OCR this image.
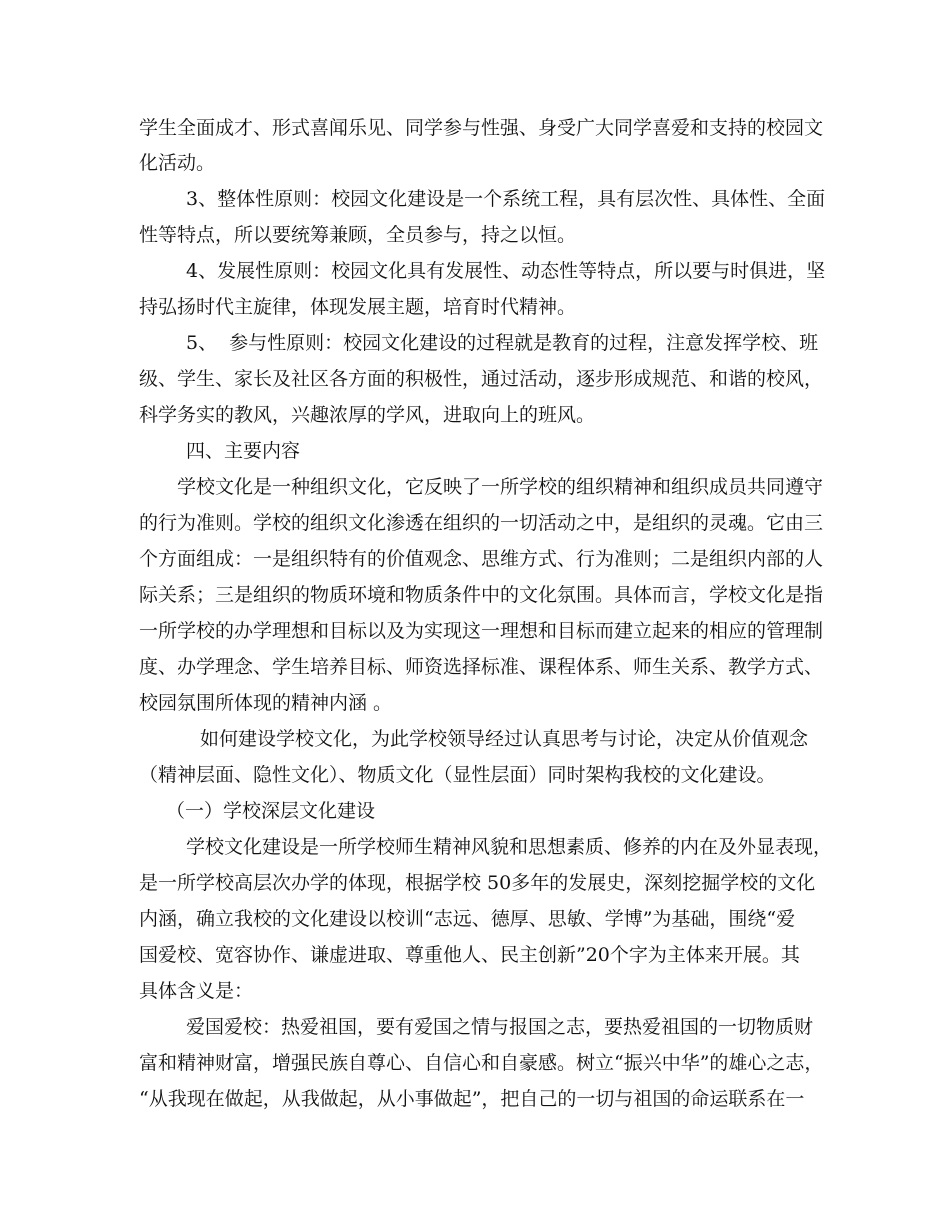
学生全面成才、形式喜闻乐见、同学参与性强、身受广大同学喜爱和支持的校园文

化活动。

3、整体性原则：校园文化建设是一个系统工程，具有层次性、具体性、全面

性等特点，所以要统筹兼顾，全员参与，持之以恒。

4、发展性原则：校园文化具有发展性、动态性等特点，所以要与时俱进，坚

持弘扬时代主旋律，体现发展主题，培育时代精神。

5、  参与性原则：校园文化建设的过程就是教育的过程，注意发挥学校、班

级、学生、家长及社区各方面的积极性，通过活动，逐步形成规范、和谐的校风，

科学务实的教风，兴趣浓厚的学风，进取向上的班风。

四、主要内容

学校文化是一种组织文化，它反映了一所学校的组织精神和组织成员共同遵守

的行为准则。学校的组织文化渗透在组织的一切活动之中，是组织的灵魂。它由三

个方面组成：一是组织特有的价值观念、思维方式、行为准则；二是组织内部的人

际关系；三是组织的物质环境和物质条件中的文化氛围。具体而言，学校文化是指

一所学校的办学理想和目标以及为实现这一理想和目标而建立起来的相应的管理制

度、办学理念、学生培养目标、师资选择标准、课程体系、师生关系、教学方式、

校园氛围所体现的精神内涵 。

如何建设学校文化，为此学校领导经过认真思考与讨论，决定从价值观念

（精神层面、隐性文化）、物质文化（显性层面）同时架构我校的文化建设。

（一）学校深层文化建设

学校文化建设是一所学校师生精神风貌和思想素质、修养的内在及外显表现，

是一所学校高层次办学的体现，根据学校 50多年的发展史，深刻挖掘学校的文化

内涵，确立我校的文化建设以校训“志远、德厚、思敏、学博”为基础，围绕“爱

国爱校、宽容协作、谦虚进取、尊重他人、民主创新”20个字为主体来开展。其

具体含义是：

爱国爱校：热爱祖国，要有爱国之情与报国之志，要热爱祖国的一切物质财

富和精神财富，增强民族自尊心、自信心和自豪感。树立“振兴中华”的雄心之志，

“从我现在做起，从我做起，从小事做起”，把自己的一切与祖国的命运联系在一
